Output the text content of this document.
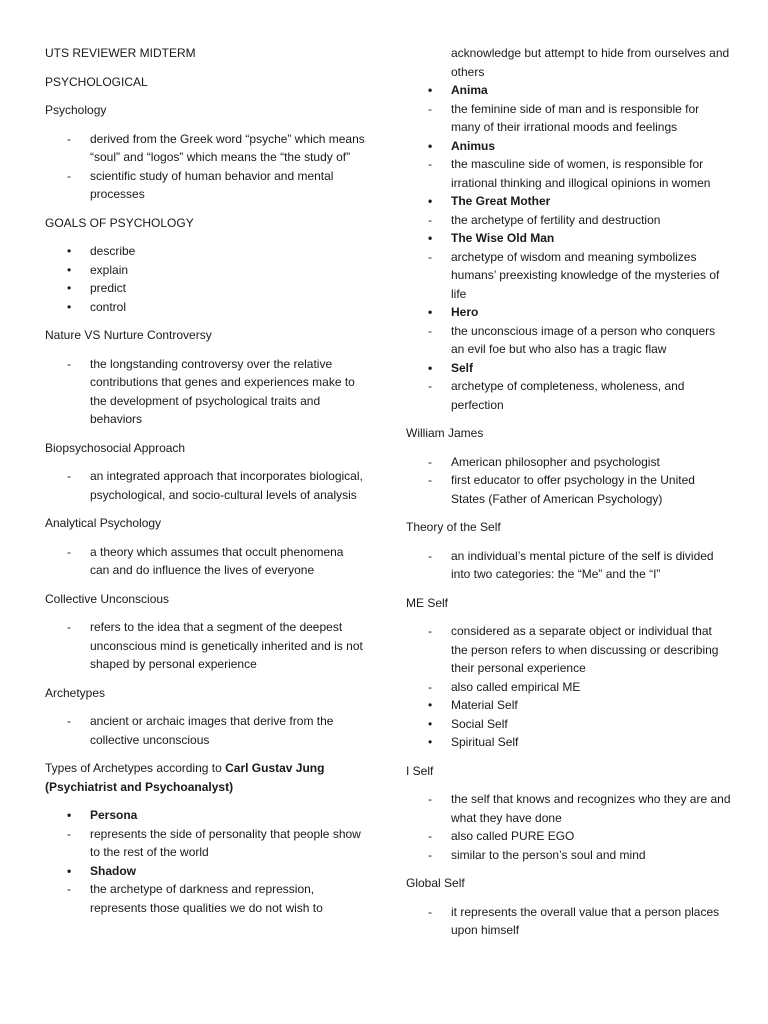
UTS REVIEWER MIDTERM

PSYCHOLOGICAL

Psychology

- derived from the Greek word “psyche” which means “soul” and “logos” which means the “the study of”
- scientific study of human behavior and mental processes

GOALS OF PSYCHOLOGY

• describe
• explain
• predict
• control

Nature VS Nurture Controversy

- the longstanding controversy over the relative contributions that genes and experiences make to the development of psychological traits and behaviors

Biopsychosocial Approach

- an integrated approach that incorporates biological, psychological, and socio-cultural levels of analysis

Analytical Psychology

- a theory which assumes that occult phenomena can and do influence the lives of everyone

Collective Unconscious

- refers to the idea that a segment of the deepest unconscious mind is genetically inherited and is not shaped by personal experience

Archetypes

- ancient or archaic images that derive from the collective unconscious

Types of Archetypes according to Carl Gustav Jung (Psychiatrist and Psychoanalyst)

• Persona
- represents the side of personality that people show to the rest of the world
• Shadow
- the archetype of darkness and repression, represents those qualities we do not wish to
acknowledge but attempt to hide from ourselves and others
• Anima
- the feminine side of man and is responsible for many of their irrational moods and feelings
• Animus
- the masculine side of women, is responsible for irrational thinking and illogical opinions in women
• The Great Mother
- the archetype of fertility and destruction
• The Wise Old Man
- archetype of wisdom and meaning symbolizes humans’ preexisting knowledge of the mysteries of life
• Hero
- the unconscious image of a person who conquers an evil foe but who also has a tragic flaw
• Self
- archetype of completeness, wholeness, and perfection

William James

- American philosopher and psychologist
- first educator to offer psychology in the United States (Father of American Psychology)

Theory of the Self

- an individual’s mental picture of the self is divided into two categories: the “Me” and the “I”

ME Self

- considered as a separate object or individual that the person refers to when discussing or describing their personal experience
- also called empirical ME
• Material Self
• Social Self
• Spiritual Self

I Self

- the self that knows and recognizes who they are and what they have done
- also called PURE EGO
- similar to the person’s soul and mind

Global Self

- it represents the overall value that a person places upon himself
